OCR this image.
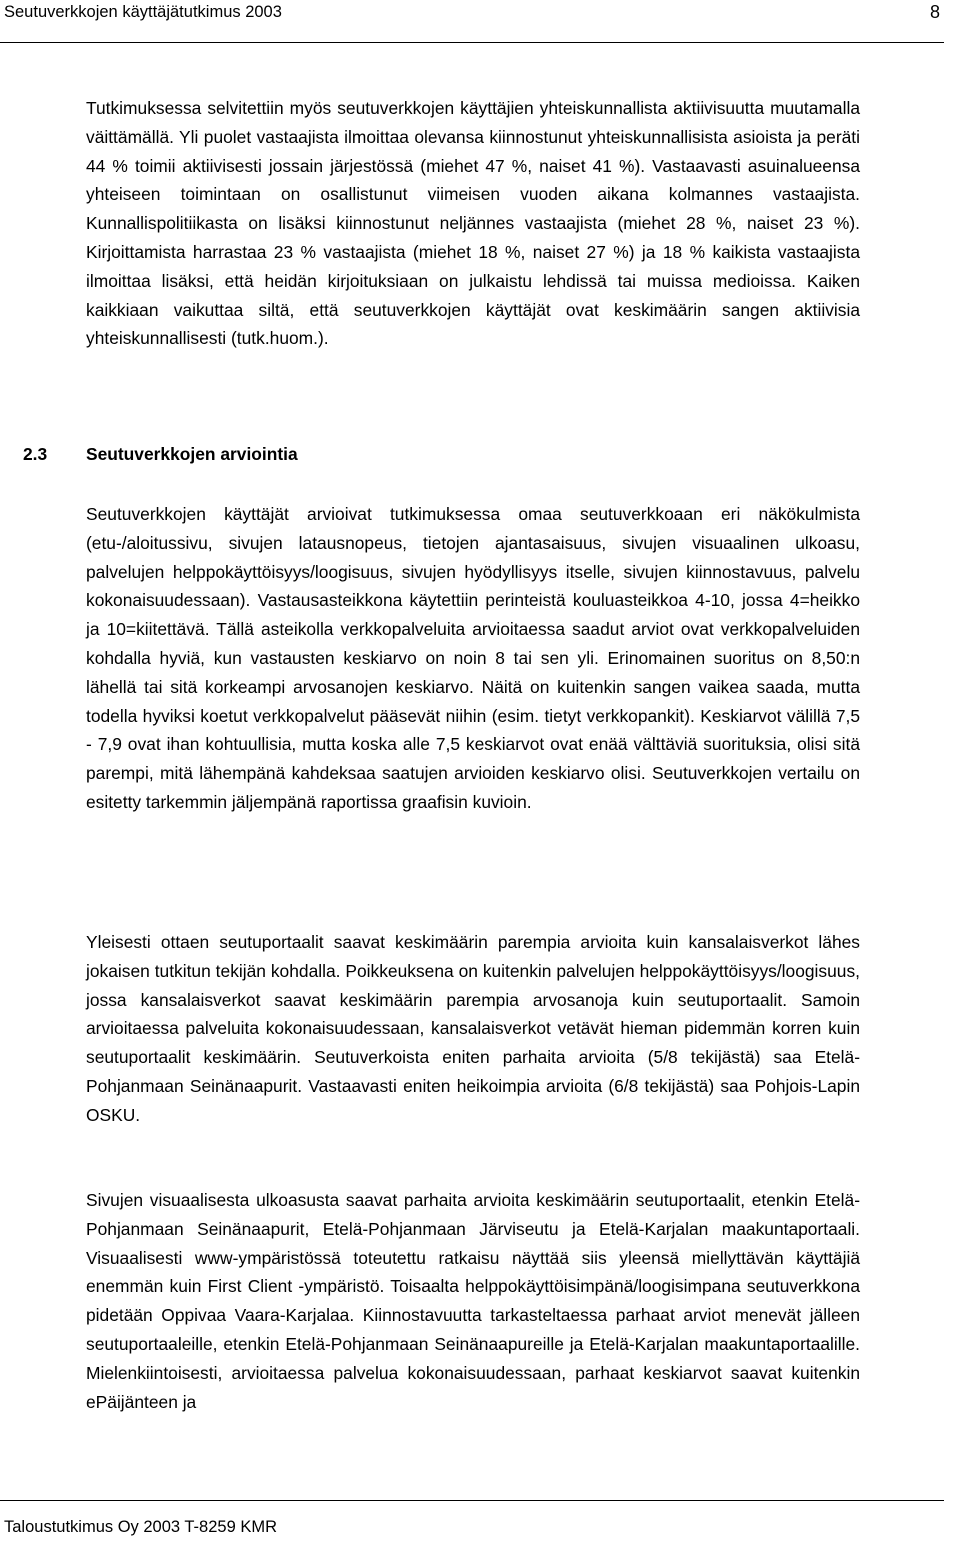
Seutuverkkojen käyttäjätutkimus 2003	8

Tutkimuksessa selvitettiin myös seutuverkkojen käyttäjien yhteiskunnallista aktiivisuutta muutamalla väittämällä. Yli puolet vastaajista ilmoittaa olevansa kiinnostunut yhteiskunnallisista asioista ja peräti 44 % toimii aktiivisesti jossain järjestössä (miehet 47 %, naiset 41 %). Vastaavasti asuinalueensa yhteiseen toimintaan on osallistunut viimeisen vuoden aikana kolmannes vastaajista. Kunnallispolitiikasta on lisäksi kiinnostunut neljännes vastaajista (miehet 28 %, naiset 23 %). Kirjoittamista harrastaa 23 % vastaajista (miehet 18 %, naiset 27 %) ja 18 % kaikista vastaajista ilmoittaa lisäksi, että heidän kirjoituksiaan on julkaistu lehdissä tai muissa medioissa. Kaiken kaikkiaan vaikuttaa siltä, että seutuverkkojen käyttäjät ovat keskimäärin sangen aktiivisia yhteiskunnallisesti (tutk.huom.).

2.3 Seutuverkkojen arviointia

Seutuverkkojen käyttäjät arvioivat tutkimuksessa omaa seutuverkkoaan eri näkökulmista (etu-/aloitussivu, sivujen latausnopeus, tietojen ajantasaisuus, sivujen visuaalinen ulkoasu, palvelujen helppokäyttöisyys/loogisuus, sivujen hyödyllisyys itselle, sivujen kiinnostavuus, palvelu kokonaisuudessaan). Vastausasteikkona käytettiin perinteistä kouluasteikkoa 4-10, jossa 4=heikko ja 10=kiitettävä. Tällä asteikolla verkkopalveluita arvioitaessa saadut arviot ovat verkkopalveluiden kohdalla hyviä, kun vastausten keskiarvo on noin 8 tai sen yli. Erinomainen suoritus on 8,50:n lähellä tai sitä korkeampi arvosanojen keskiarvo. Näitä on kuitenkin sangen vaikea saada, mutta todella hyviksi koetut verkkopalvelut pääsevät niihin (esim. tietyt verkkopankit). Keskiarvot välillä 7,5 - 7,9 ovat ihan kohtuullisia, mutta koska alle 7,5 keskiarvot ovat enää välttäviä suorituksia, olisi sitä parempi, mitä lähempänä kahdeksaa saatujen arvioiden keskiarvo olisi. Seutuverkkojen vertailu on esitetty tarkemmin jäljempänä raportissa graafisin kuvioin.

Yleisesti ottaen seutuportaalit saavat keskimäärin parempia arvioita kuin kansalaisverkot lähes jokaisen tutkitun tekijän kohdalla. Poikkeuksena on kuitenkin palvelujen helppokäyttöisyys/loogisuus, jossa kansalaisverkot saavat keskimäärin parempia arvosanoja kuin seutuportaalit. Samoin arvioitaessa palveluita kokonaisuudessaan, kansalaisverkot vetävät hieman pidemmän korren kuin seutuportaalit keskimäärin. Seutuverkoista eniten parhaita arvioita (5/8 tekijästä) saa Etelä-Pohjanmaan Seinänaapurit. Vastaavasti eniten heikoimpia arvioita (6/8 tekijästä) saa Pohjois-Lapin OSKU.

Sivujen visuaalisesta ulkoasusta saavat parhaita arvioita keskimäärin seutuportaalit, etenkin Etelä-Pohjanmaan Seinänaapurit, Etelä-Pohjanmaan Järviseutu ja Etelä-Karjalan maakuntaportaali. Visuaalisesti www-ympäristössä toteutettu ratkaisu näyttää siis yleensä miellyttävän käyttäjiä enemmän kuin First Client -ympäristö. Toisaalta helppokäyttöisimpänä/loogisimpana seutuverkkona pidetään Oppivaa Vaara-Karjalaa. Kiinnostavuutta tarkasteltaessa parhaat arviot menevät jälleen seutuportaaleille, etenkin Etelä-Pohjanmaan Seinänaapureille ja Etelä-Karjalan maakuntaportaalille. Mielenkiintoisesti, arvioitaessa palvelua kokonaisuudessaan, parhaat keskiarvot saavat kuitenkin ePäijänteen ja

Taloustutkimus Oy 2003 T-8259 KMR
